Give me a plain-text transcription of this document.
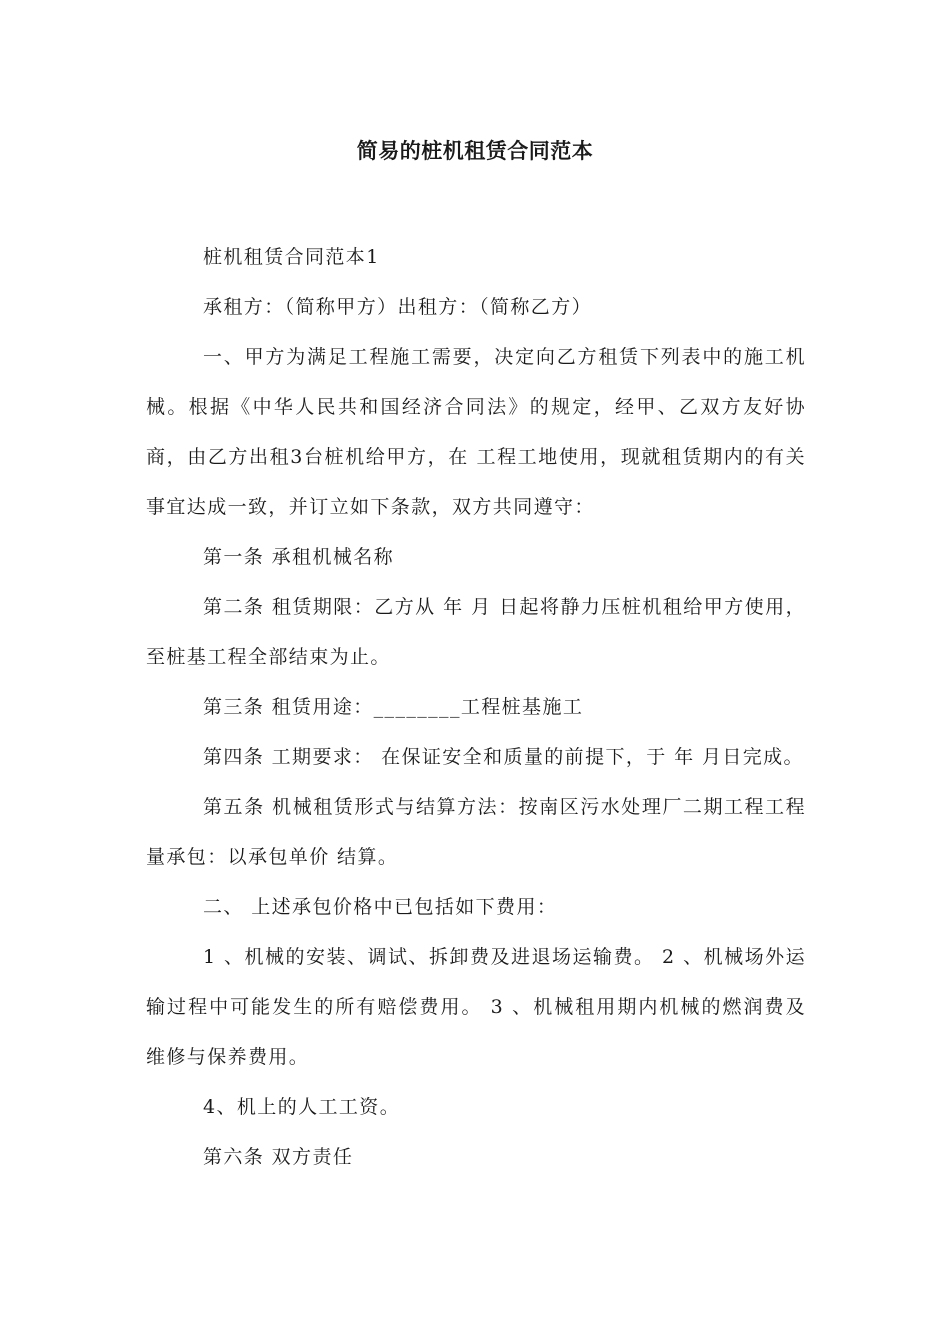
简易的桩机租赁合同范本

桩机租赁合同范本1

承租方：（简称甲方）出租方：（简称乙方）

一、甲方为满足工程施工需要，决定向乙方租赁下列表中的施工机械。根据《中华人民共和国经济合同法》的规定，经甲、乙双方友好协商，由乙方出租3台桩机给甲方，在 工程工地使用，现就租赁期内的有关事宜达成一致，并订立如下条款，双方共同遵守：

第一条 承租机械名称

第二条 租赁期限：乙方从 年 月 日起将静力压桩机租给甲方使用，至桩基工程全部结束为止。

第三条 租赁用途：________工程桩基施工

第四条 工期要求： 在保证安全和质量的前提下，于 年 月日完成。

第五条 机械租赁形式与结算方法：按南区污水处理厂二期工程工程量承包：以承包单价 结算。

二、 上述承包价格中已包括如下费用：

1 、机械的安装、调试、拆卸费及进退场运输费。 2 、机械场外运输过程中可能发生的所有赔偿费用。 3 、机械租用期内机械的燃润费及维修与保养费用。

4、机上的人工工资。

第六条 双方责任
